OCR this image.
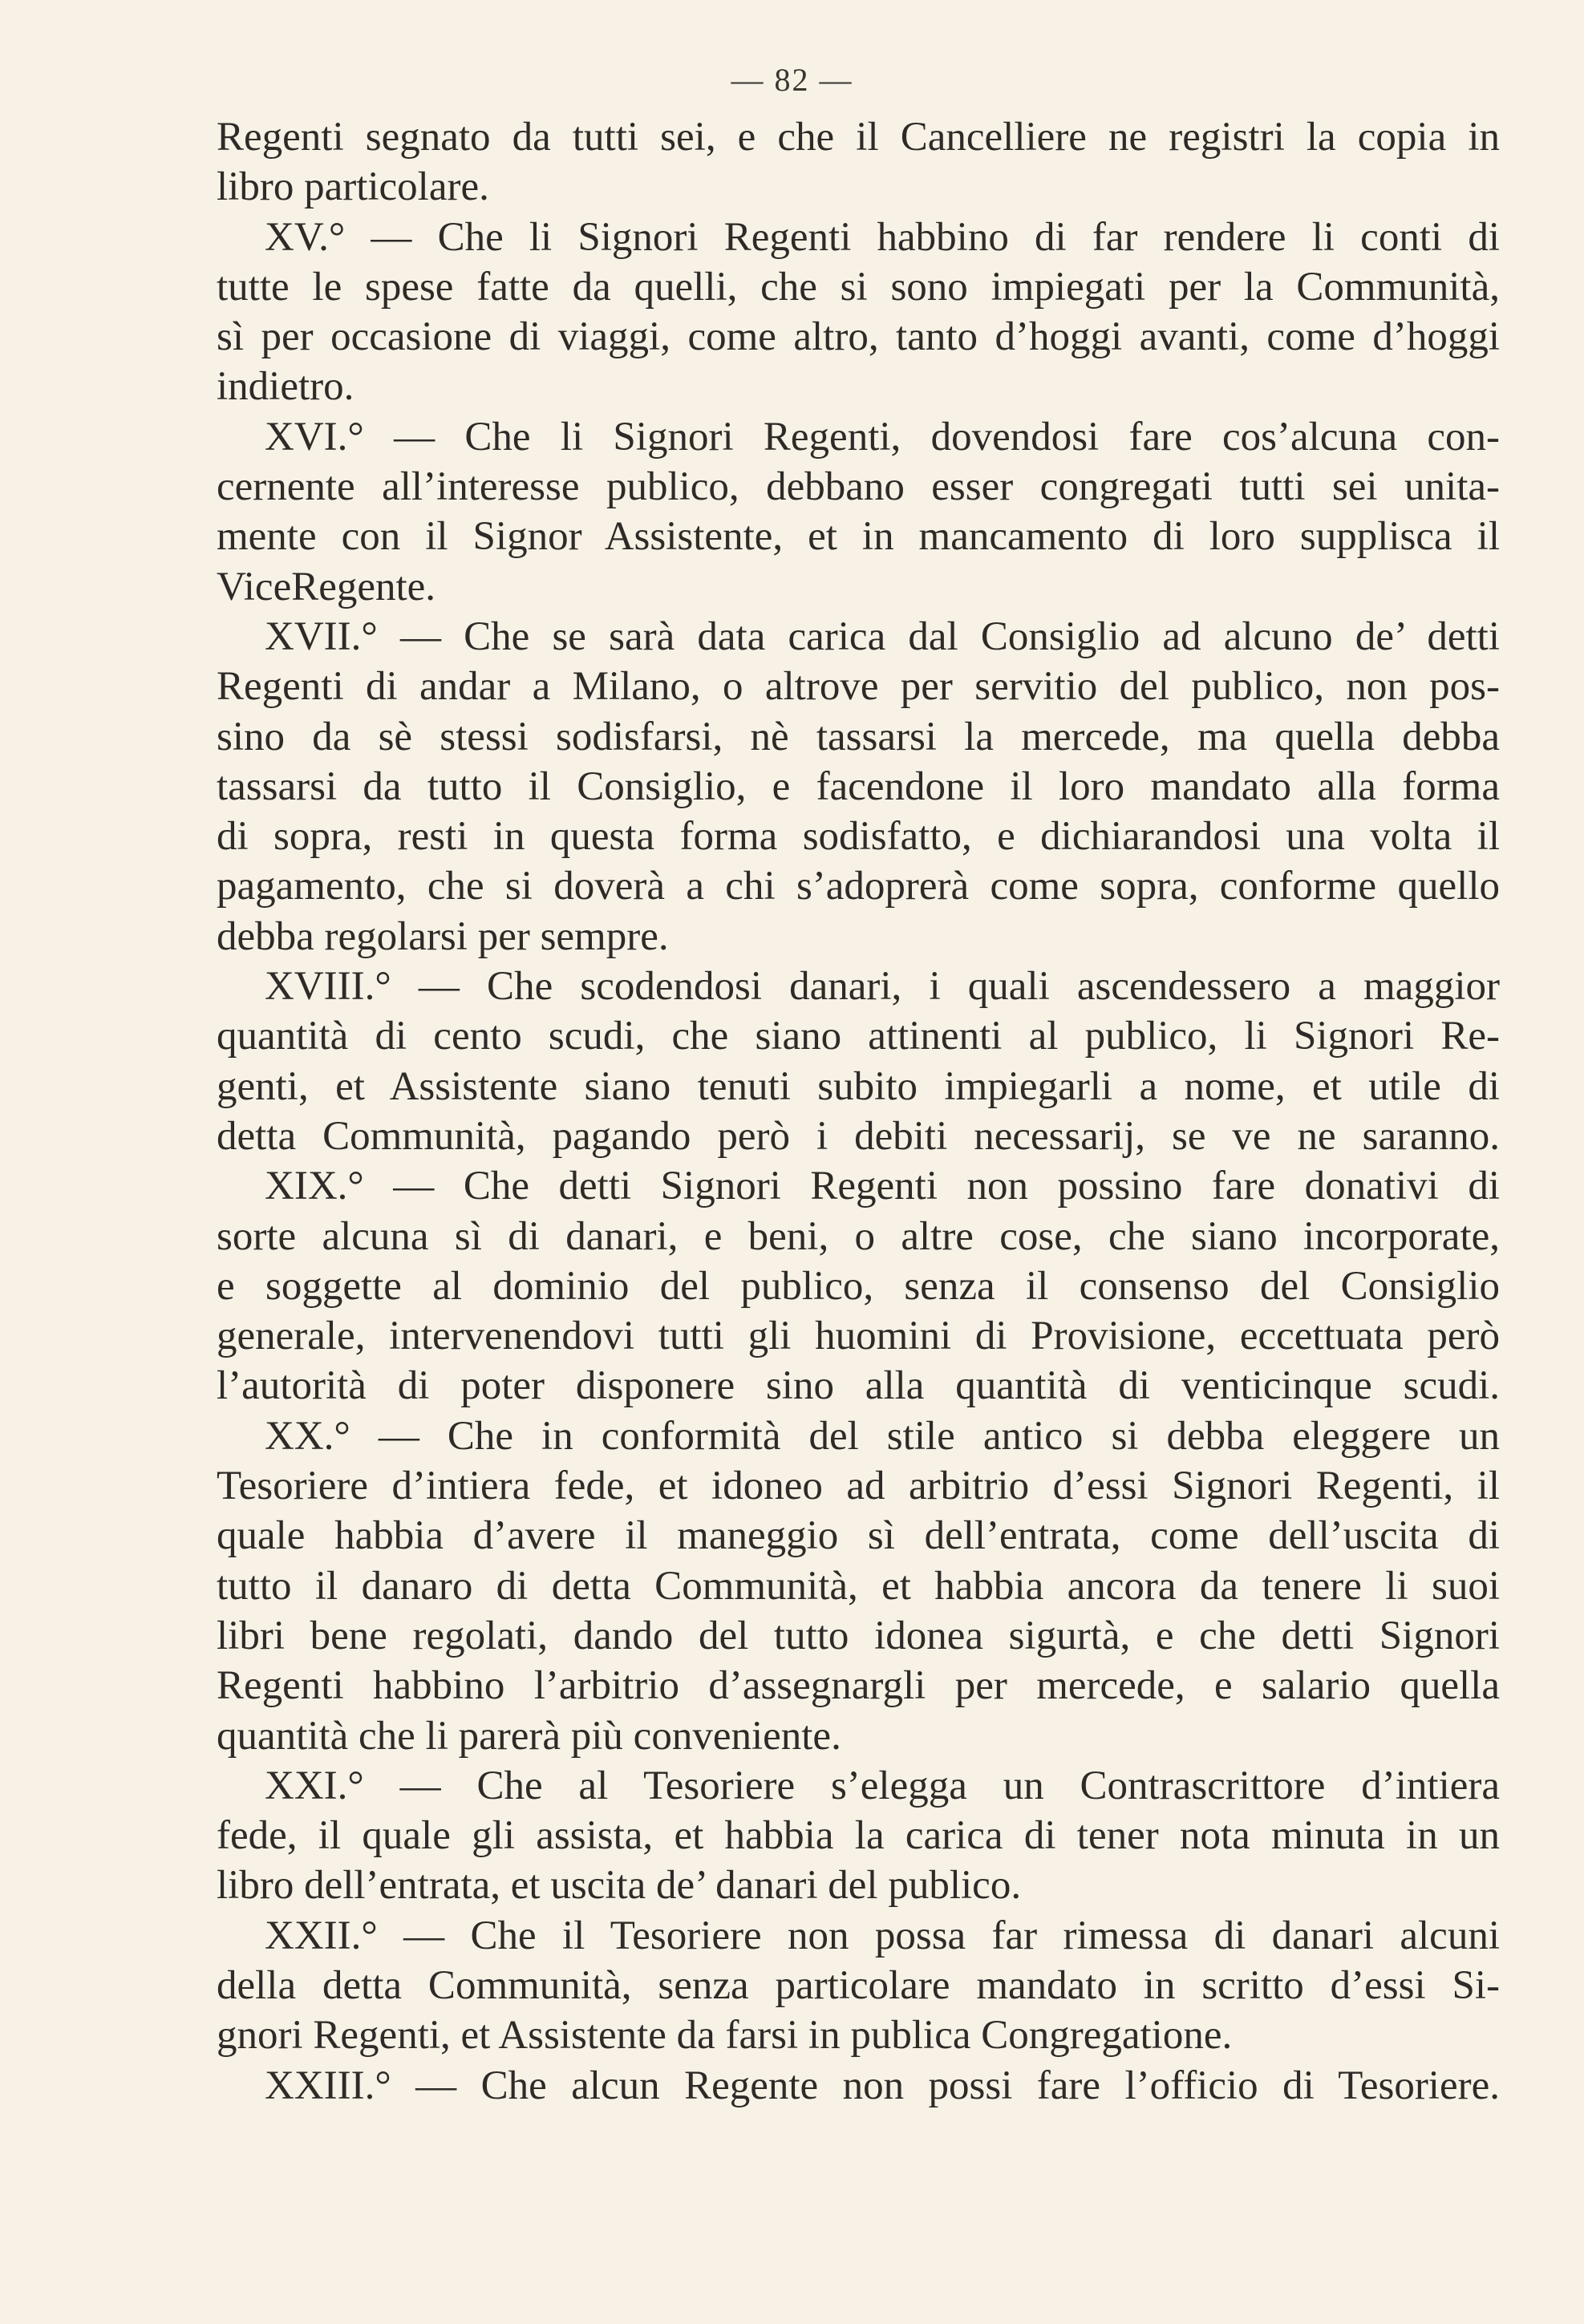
— 82 —
Regenti segnato da tutti sei, e che il Cancelliere ne registri la copia in
libro particolare.
XV.° — Che li Signori Regenti habbino di far rendere li conti di
tutte le spese fatte da quelli, che si sono impiegati per la Communità,
sì per occasione di viaggi, come altro, tanto d’hoggi avanti, come d’hoggi
indietro.
XVI.° — Che li Signori Regenti, dovendosi fare cos’alcuna con-
cernente all’interesse publico, debbano esser congregati tutti sei unita-
mente con il Signor Assistente, et in mancamento di loro supplisca il
ViceRegente.
XVII.° — Che se sarà data carica dal Consiglio ad alcuno de’ detti
Regenti di andar a Milano, o altrove per servitio del publico, non pos-
sino da sè stessi sodisfarsi, nè tassarsi la mercede, ma quella debba
tassarsi da tutto il Consiglio, e facendone il loro mandato alla forma
di sopra, resti in questa forma sodisfatto, e dichiarandosi una volta il
pagamento, che si doverà a chi s’adoprerà come sopra, conforme quello
debba regolarsi per sempre.
XVIII.° — Che scodendosi danari, i quali ascendessero a maggior
quantità di cento scudi, che siano attinenti al publico, li Signori Re-
genti, et Assistente siano tenuti subito impiegarli a nome, et utile di
detta Communità, pagando però i debiti necessarij, se ve ne saranno.
XIX.° — Che detti Signori Regenti non possino fare donativi di
sorte alcuna sì di danari, e beni, o altre cose, che siano incorporate,
e soggette al dominio del publico, senza il consenso del Consiglio
generale, intervenendovi tutti gli huomini di Provisione, eccettuata però
l’autorità di poter disponere sino alla quantità di venticinque scudi.
XX.° — Che in conformità del stile antico si debba eleggere un
Tesoriere d’intiera fede, et idoneo ad arbitrio d’essi Signori Regenti, il
quale habbia d’avere il maneggio sì dell’entrata, come dell’uscita di
tutto il danaro di detta Communità, et habbia ancora da tenere li suoi
libri bene regolati, dando del tutto idonea sigurtà, e che detti Signori
Regenti habbino l’arbitrio d’assegnargli per mercede, e salario quella
quantità che li parerà più conveniente.
XXI.° — Che al Tesoriere s’elegga un Contrascrittore d’intiera
fede, il quale gli assista, et habbia la carica di tener nota minuta in un
libro dell’entrata, et uscita de’ danari del publico.
XXII.° — Che il Tesoriere non possa far rimessa di danari alcuni
della detta Communità, senza particolare mandato in scritto d’essi Si-
gnori Regenti, et Assistente da farsi in publica Congregatione.
XXIII.° — Che alcun Regente non possi fare l’officio di Tesoriere.
